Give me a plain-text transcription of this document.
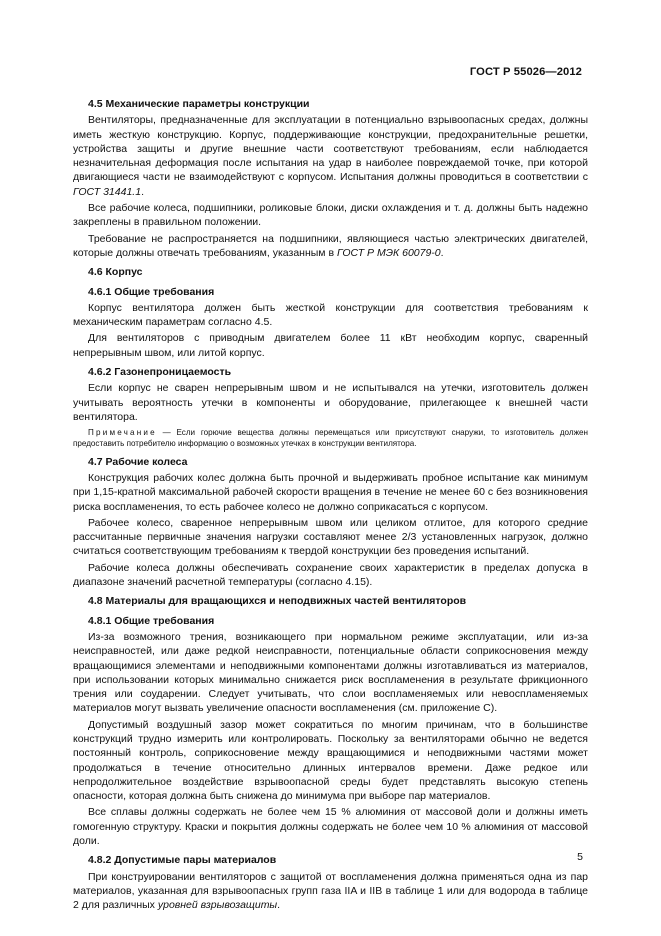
ГОСТ Р 55026—2012
4.5 Механические параметры конструкции
Вентиляторы, предназначенные для эксплуатации в потенциально взрывоопасных средах, должны иметь жесткую конструкцию. Корпус, поддерживающие конструкции, предохранительные решетки, устройства защиты и другие внешние части соответствуют требованиям, если наблюдается незначительная деформация после испытания на удар в наиболее повреждаемой точке, при которой двигающиеся части не взаимодействуют с корпусом. Испытания должны проводиться в соответствии с ГОСТ 31441.1.
Все рабочие колеса, подшипники, роликовые блоки, диски охлаждения и т. д. должны быть надежно закреплены в правильном положении.
Требование не распространяется на подшипники, являющиеся частью электрических двигателей, которые должны отвечать требованиям, указанным в ГОСТ Р МЭК 60079-0.
4.6 Корпус
4.6.1 Общие требования
Корпус вентилятора должен быть жесткой конструкции для соответствия требованиям к механическим параметрам согласно 4.5.
Для вентиляторов с приводным двигателем более 11 кВт необходим корпус, сваренный непрерывным швом, или литой корпус.
4.6.2 Газонепроницаемость
Если корпус не сварен непрерывным швом и не испытывался на утечки, изготовитель должен учитывать вероятность утечки в компоненты и оборудование, прилегающее к внешней части вентилятора.
Примечание — Если горючие вещества должны перемещаться или присутствуют снаружи, то изготовитель должен предоставить потребителю информацию о возможных утечках в конструкции вентилятора.
4.7 Рабочие колеса
Конструкция рабочих колес должна быть прочной и выдерживать пробное испытание как минимум при 1,15-кратной максимальной рабочей скорости вращения в течение не менее 60 с без возникновения риска воспламенения, то есть рабочее колесо не должно соприкасаться с корпусом.
Рабочее колесо, сваренное непрерывным швом или целиком отлитое, для которого средние рассчитанные первичные значения нагрузки составляют менее 2/3 установленных нагрузок, должно считаться соответствующим требованиям к твердой конструкции без проведения испытаний.
Рабочие колеса должны обеспечивать сохранение своих характеристик в пределах допуска в диапазоне значений расчетной температуры (согласно 4.15).
4.8 Материалы для вращающихся и неподвижных частей вентиляторов
4.8.1 Общие требования
Из-за возможного трения, возникающего при нормальном режиме эксплуатации, или из-за неисправностей, или даже редкой неисправности, потенциальные области соприкосновения между вращающимися элементами и неподвижными компонентами должны изготавливаться из материалов, при использовании которых минимально снижается риск воспламенения в результате фрикционного трения или соударении. Следует учитывать, что слои воспламеняемых или невоспламеняемых материалов могут вызвать увеличение опасности воспламенения (см. приложение С).
Допустимый воздушный зазор может сократиться по многим причинам, что в большинстве конструкций трудно измерить или контролировать. Поскольку за вентиляторами обычно не ведется постоянный контроль, соприкосновение между вращающимися и неподвижными частями может продолжаться в течение относительно длинных интервалов времени. Даже редкое или непродолжительное воздействие взрывоопасной среды будет представлять высокую степень опасности, которая должна быть снижена до минимума при выборе пар материалов.
Все сплавы должны содержать не более чем 15 % алюминия от массовой доли и должны иметь гомогенную структуру. Краски и покрытия должны содержать не более чем 10 % алюминия от массовой доли.
4.8.2 Допустимые пары материалов
При конструировании вентиляторов с защитой от воспламенения должна применяться одна из пар материалов, указанная для взрывоопасных групп газа IIA и IIB в таблице 1 или для водорода в таблице 2 для различных уровней взрывозащиты.
5
